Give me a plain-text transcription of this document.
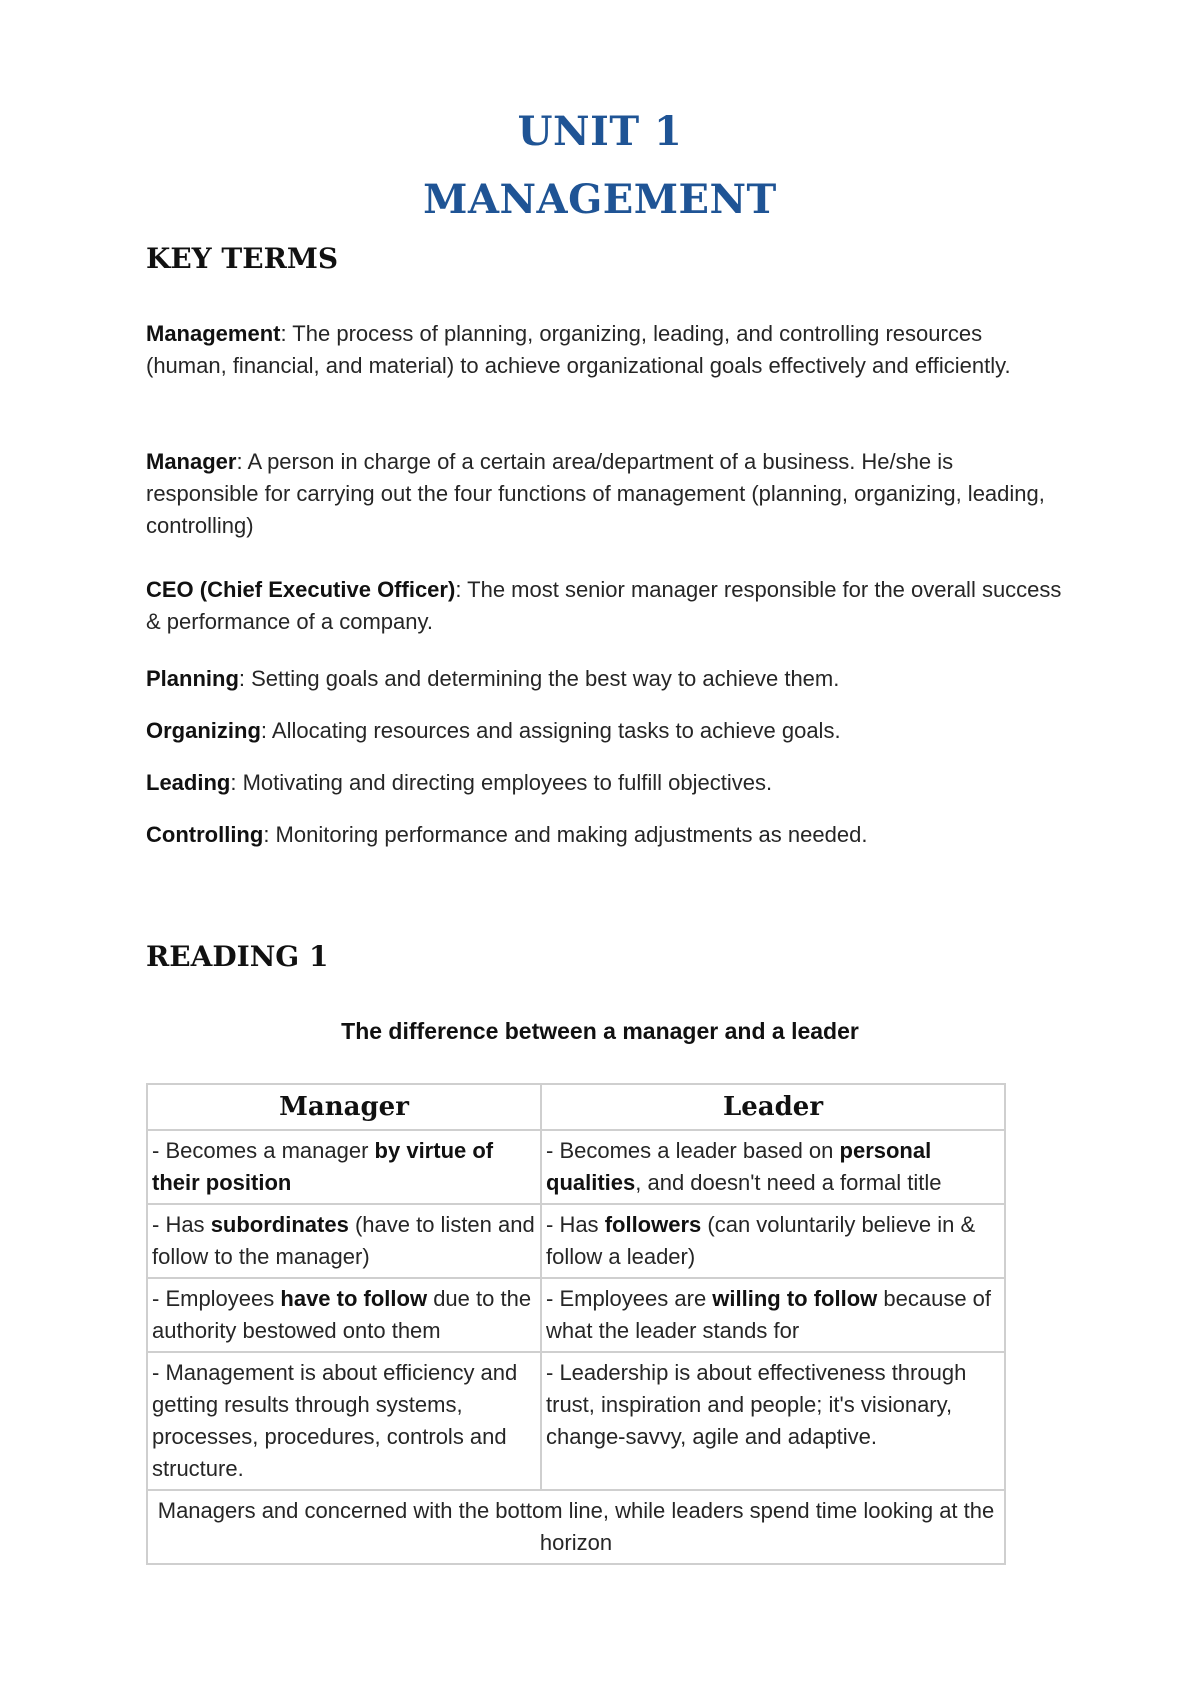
UNIT 1
MANAGEMENT
KEY TERMS

Management: The process of planning, organizing, leading, and controlling resources (human, financial, and material) to achieve organizational goals effectively and efficiently.

Manager: A person in charge of a certain area/department of a business. He/she is responsible for carrying out the four functions of management (planning, organizing, leading, controlling)

CEO (Chief Executive Officer): The most senior manager responsible for the overall success & performance of a company.

Planning: Setting goals and determining the best way to achieve them.

Organizing: Allocating resources and assigning tasks to achieve goals.

Leading: Motivating and directing employees to fulfill objectives.

Controlling: Monitoring performance and making adjustments as needed.

READING 1

The difference between a manager and a leader

Manager	Leader
- Becomes a manager by virtue of their position	- Becomes a leader based on personal qualities, and doesn't need a formal title
- Has subordinates (have to listen and follow to the manager)	- Has followers (can voluntarily believe in & follow a leader)
- Employees have to follow due to the authority bestowed onto them	- Employees are willing to follow because of what the leader stands for
- Management is about efficiency and getting results through systems, processes, procedures, controls and structure.	- Leadership is about effectiveness through trust, inspiration and people; it's visionary, change-savvy, agile and adaptive.
Managers and concerned with the bottom line, while leaders spend time looking at the horizon	
